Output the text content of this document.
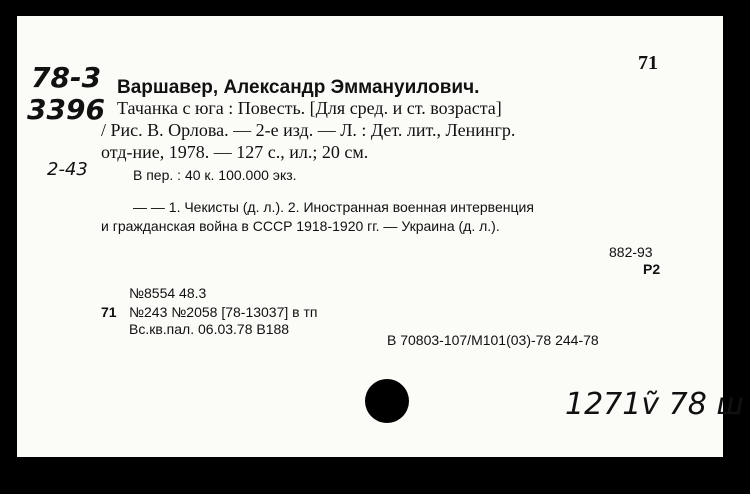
71
78-3
3396
2-43
Варшавер, Александр Эммануилович.
Тачанка с юга : Повесть. [Для сред. и ст. возраста]
/ Рис. В. Орлова. — 2-е изд. — Л. : Дет. лит., Ленингр.
отд-ние, 1978. — 127 с., ил.; 20 см.
В пер. : 40 к. 100.000 экз.
— — 1. Чекисты (д. л.). 2. Иностранная военная интервенция
и гражданская война в СССР 1918-1920 гг. — Украина (д. л.).
882-93
Р2
№8554 48.3
71 №243 №2058 [78-13037] в тп
Вс.кв.пал. 06.03.78 В188
В 70803-107/М101(03)-78 244-78
1271ṽ 78 ш
